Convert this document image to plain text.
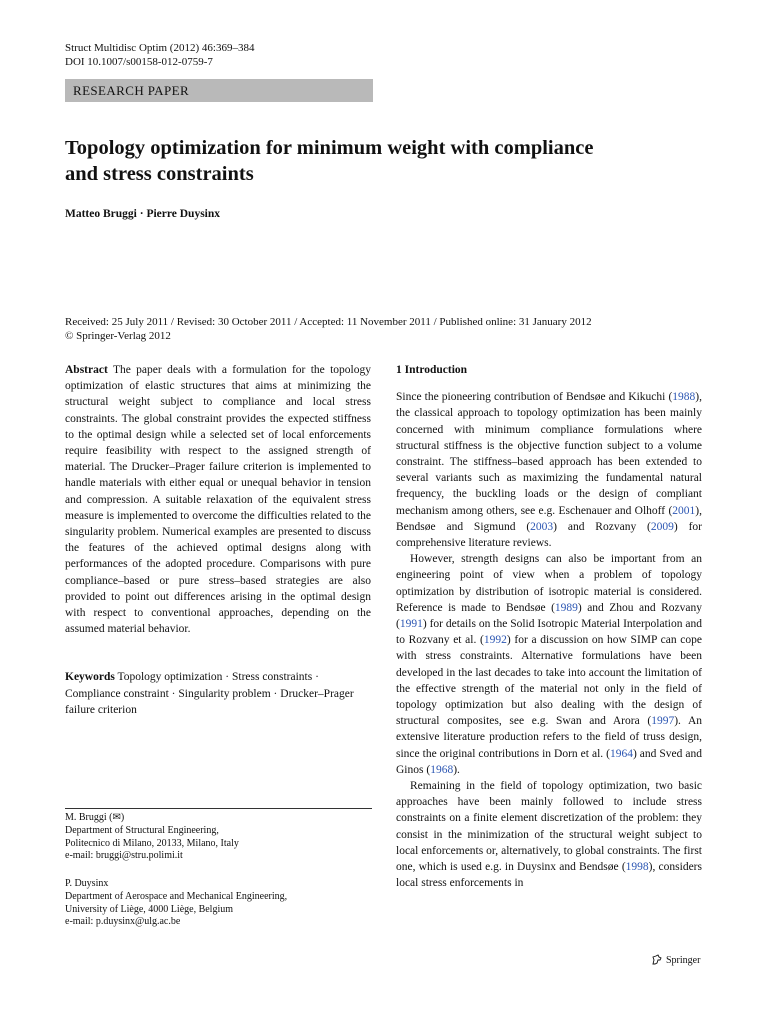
Struct Multidisc Optim (2012) 46:369–384
DOI 10.1007/s00158-012-0759-7
RESEARCH PAPER
Topology optimization for minimum weight with compliance
and stress constraints
Matteo Bruggi · Pierre Duysinx
Received: 25 July 2011 / Revised: 30 October 2011 / Accepted: 11 November 2011 / Published online: 31 January 2012
© Springer-Verlag 2012

Abstract The paper deals with a formulation for the topology optimization of elastic structures that aims at minimizing the structural weight subject to compliance and local stress constraints. The global constraint provides the expected stiffness to the optimal design while a selected set of local enforcements require feasibility with respect to the assigned strength of material. The Drucker–Prager failure criterion is implemented to handle materials with either equal or unequal behavior in tension and compression. A suitable relaxation of the equivalent stress measure is implemented to overcome the difficulties related to the singularity problem. Numerical examples are presented to discuss the features of the achieved optimal designs along with performances of the adopted procedure. Comparisons with pure compliance–based or pure stress–based strategies are also provided to point out differences arising in the optimal design with respect to conventional approaches, depending on the assumed material behavior.

Keywords Topology optimization · Stress constraints · Compliance constraint · Singularity problem · Drucker–Prager failure criterion
M. Bruggi (✉)
Department of Structural Engineering,
Politecnico di Milano, 20133, Milano, Italy
e-mail: bruggi@stru.polimi.it
P. Duysinx
Department of Aerospace and Mechanical Engineering,
University of Liège, 4000 Liège, Belgium
e-mail: p.duysinx@ulg.ac.be

1 Introduction

Since the pioneering contribution of Bendsøe and Kikuchi (1988), the classical approach to topology optimization has been mainly concerned with minimum compliance formulations where structural stiffness is the objective function subject to a volume constraint. The stiffness–based approach has been extended to several variants such as maximizing the fundamental natural frequency, the buckling loads or the design of compliant mechanism among others, see e.g. Eschenauer and Olhoff (2001), Bendsøe and Sigmund (2003) and Rozvany (2009) for comprehensive literature reviews.

However, strength designs can also be important from an engineering point of view when a problem of topology optimization by distribution of isotropic material is considered. Reference is made to Bendsøe (1989) and Zhou and Rozvany (1991) for details on the Solid Isotropic Material Interpolation and to Rozvany et al. (1992) for a discussion on how SIMP can cope with stress constraints. Alternative formulations have been developed in the last decades to take into account the limitation of the effective strength of the material not only in the field of topology optimization but also dealing with the design of structural composites, see e.g. Swan and Arora (1997). An extensive literature production refers to the field of truss design, since the original contributions in Dorn et al. (1964) and Sved and Ginos (1968).

Remaining in the field of topology optimization, two basic approaches have been mainly followed to include stress constraints on a finite element discretization of the problem: they consist in the minimization of the structural weight subject to local enforcements or, alternatively, to global constraints. The first one, which is used e.g. in Duysinx and Bendsøe (1998), considers local stress enforcements in

Springer
